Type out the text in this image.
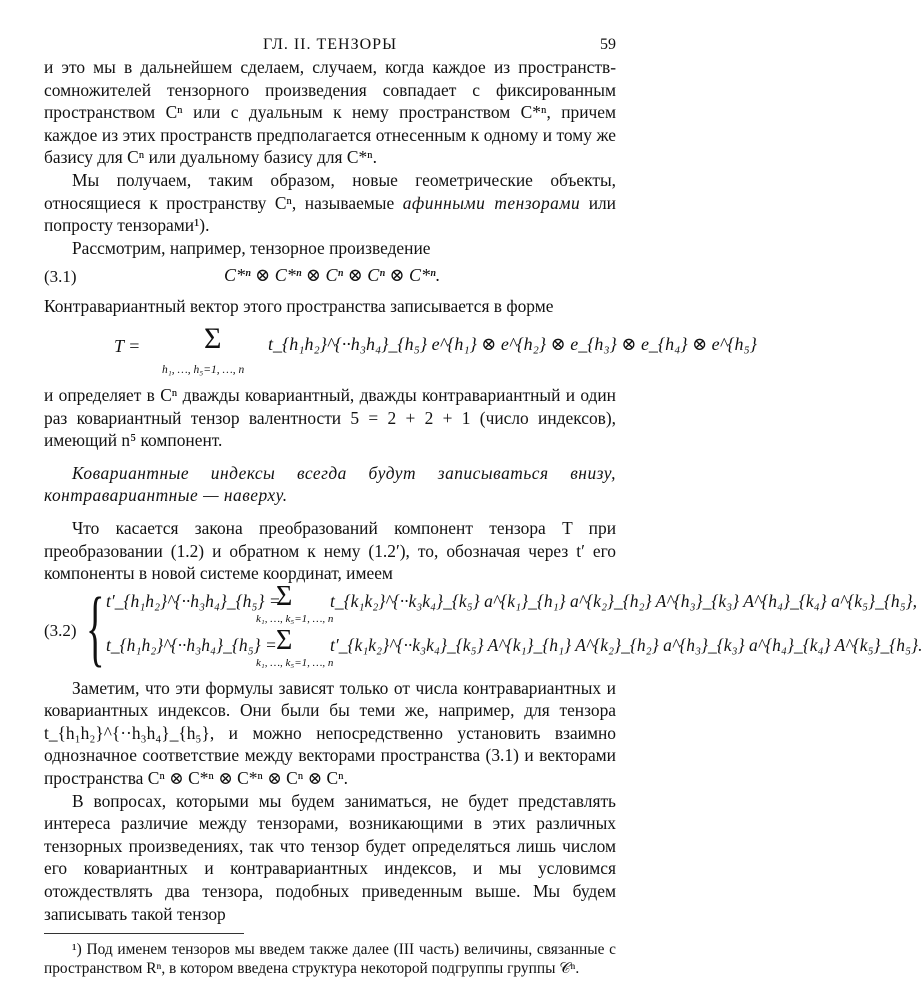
ГЛ. II. ТЕНЗОРЫ	59

и это мы в дальнейшем сделаем, случаем, когда каждое из пространств-сомножителей тензорного произведения совпадает с фиксированным пространством Cⁿ или с дуальным к нему пространством C*ⁿ, причем каждое из этих пространств предполагается отнесенным к одному и тому же базису для Cⁿ или дуальному базису для C*ⁿ.

Мы получаем, таким образом, новые геометрические объекты, относящиеся к пространству Cⁿ, называемые афинными тензорами или попросту тензорами¹).

Рассмотрим, например, тензорное произведение

(3.1)	C*ⁿ ⊗ C*ⁿ ⊗ Cⁿ ⊗ Cⁿ ⊗ C*ⁿ.

Контравариантный вектор этого пространства записывается в форме

T = Σ
h₁, …, h₅=1, …, n
t_{h₁h₂}^{··h₃h₄}_{h₅} e^{h₁} ⊗ e^{h₂} ⊗ e_{h₃} ⊗ e_{h₄} ⊗ e^{h₅}

и определяет в Cⁿ дважды ковариантный, дважды контравариантный и один раз ковариантный тензор валентности 5 = 2 + 2 + 1 (число индексов), имеющий n⁵ компонент.

Ковариантные индексы всегда будут записываться внизу, контравариантные — наверху.

Что касается закона преобразований компонент тензора T при преобразовании (1.2) и обратном к нему (1.2′), то, обозначая через t′ его компоненты в новой системе координат, имеем

(3.2) { t′_{h₁h₂}^{··h₃h₄}_{h₅} =
Σ
k₁, …, k₅=1, …, n
t_{k₁k₂}^{··k₃k₄}_{k₅} a^{k₁}_{h₁} a^{k₂}_{h₂} A^{h₃}_{k₃} A^{h₄}_{k₄} a^{k₅}_{h₅},
t_{h₁h₂}^{··h₃h₄}_{h₅} = Σ
k₁, …, k₅=1, …, n
t′_{k₁k₂}^{··k₃k₄}_{k₅} A^{k₁}_{h₁} A^{k₂}_{h₂} a^{h₃}_{k₃} a^{h₄}_{k₄} A^{k₅}_{h₅}.

Заметим, что эти формулы зависят только от числа контравариантных и ковариантных индексов. Они были бы теми же, например, для тензора t_{h₁h₂}^{··h₃h₄}_{h₅}, и можно непосредственно установить взаимно однозначное соответствие между векторами пространства (3.1) и векторами пространства Cⁿ ⊗ C*ⁿ ⊗ C*ⁿ ⊗ Cⁿ ⊗ Cⁿ.

В вопросах, которыми мы будем заниматься, не будет представлять интереса различие между тензорами, возникающими в этих различных тензорных произведениях, так что тензор будет определяться лишь числом его ковариантных и контравариантных индексов, и мы условимся отождествлять два тензора, подобных приведенным выше. Мы будем записывать такой тензор

¹) Под именем тензоров мы введем также далее (III часть) величины, связанные с пространством Rⁿ, в котором введена структура некоторой подгруппы группы 𝒞ⁿ.
